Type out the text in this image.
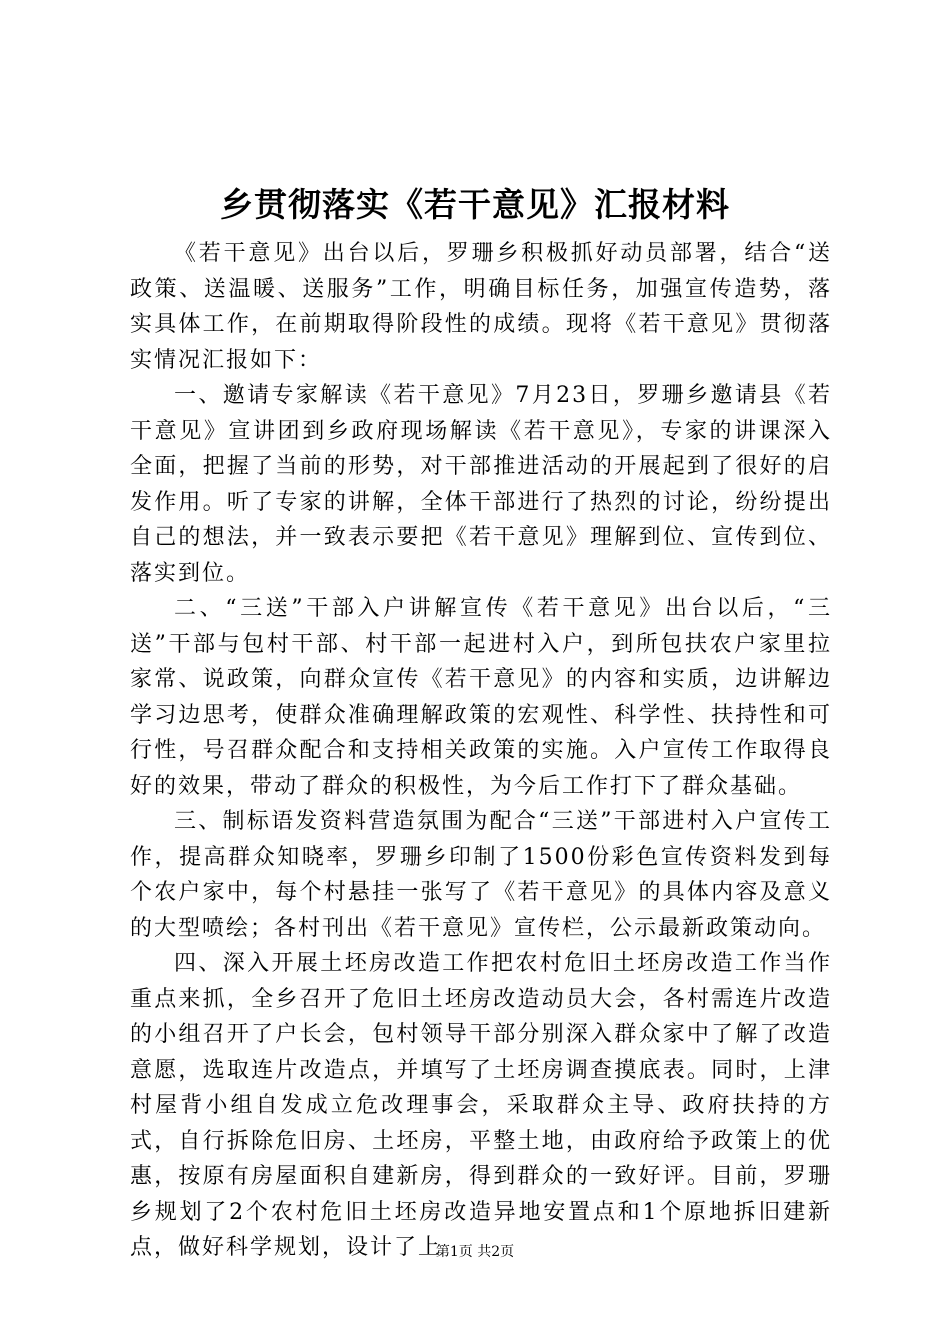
乡贯彻落实《若干意见》汇报材料

《若干意见》出台以后，罗珊乡积极抓好动员部署，结合“送政策、送温暖、送服务”工作，明确目标任务，加强宣传造势，落实具体工作，在前期取得阶段性的成绩。现将《若干意见》贯彻落实情况汇报如下：

一、邀请专家解读《若干意见》7月23日，罗珊乡邀请县《若干意见》宣讲团到乡政府现场解读《若干意见》，专家的讲课深入全面，把握了当前的形势，对干部推进活动的开展起到了很好的启发作用。听了专家的讲解，全体干部进行了热烈的讨论，纷纷提出自己的想法，并一致表示要把《若干意见》理解到位、宣传到位、落实到位。

二、“三送”干部入户讲解宣传《若干意见》出台以后，“三送”干部与包村干部、村干部一起进村入户，到所包扶农户家里拉家常、说政策，向群众宣传《若干意见》的内容和实质，边讲解边学习边思考，使群众准确理解政策的宏观性、科学性、扶持性和可行性，号召群众配合和支持相关政策的实施。入户宣传工作取得良好的效果，带动了群众的积极性，为今后工作打下了群众基础。

三、制标语发资料营造氛围为配合“三送”干部进村入户宣传工作，提高群众知晓率，罗珊乡印制了1500份彩色宣传资料发到每个农户家中，每个村悬挂一张写了《若干意见》的具体内容及意义的大型喷绘；各村刊出《若干意见》宣传栏，公示最新政策动向。

四、深入开展土坯房改造工作把农村危旧土坯房改造工作当作重点来抓，全乡召开了危旧土坯房改造动员大会，各村需连片改造的小组召开了户长会，包村领导干部分别深入群众家中了解了改造意愿，选取连片改造点，并填写了土坯房调查摸底表。同时，上津村屋背小组自发成立危改理事会，采取群众主导、政府扶持的方式，自行拆除危旧房、土坯房，平整土地，由政府给予政策上的优惠，按原有房屋面积自建新房，得到群众的一致好评。目前，罗珊乡规划了2个农村危旧土坯房改造异地安置点和1个原地拆旧建新点，做好科学规划，设计了上

第1页 共2页
